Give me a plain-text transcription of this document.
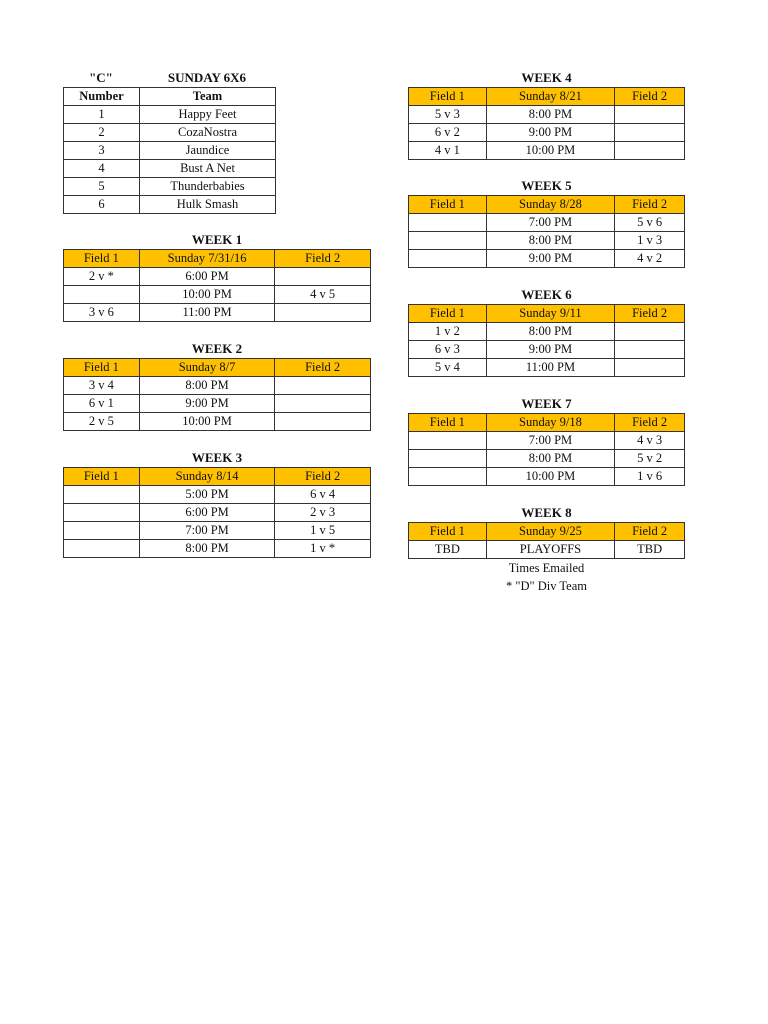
"C"	SUNDAY 6X6
Number	Team
1	Happy Feet
2	CozaNostra
3	Jaundice
4	Bust A Net
5	Thunderbabies
6	Hulk Smash
WEEK 1
Field 1	Sunday 7/31/16	Field 2
2 v *	6:00 PM	
	10:00 PM	4 v 5
3 v 6	11:00 PM	
WEEK 2
Field 1	Sunday 8/7	Field 2
3 v 4	8:00 PM	
6 v 1	9:00 PM	
2 v 5	10:00 PM	
WEEK 3
Field 1	Sunday 8/14	Field 2
	5:00 PM	6 v 4
	6:00 PM	2 v 3
	7:00 PM	1 v 5
	8:00 PM	1 v *
WEEK 4
Field 1	Sunday 8/21	Field 2
5 v 3	8:00 PM	
6 v 2	9:00 PM	
4 v 1	10:00 PM	
WEEK 5
Field 1	Sunday 8/28	Field 2
	7:00 PM	5 v 6
	8:00 PM	1 v 3
	9:00 PM	4 v 2
WEEK 6
Field 1	Sunday 9/11	Field 2
1 v 2	8:00 PM	
6 v 3	9:00 PM	
5 v 4	11:00 PM	
WEEK 7
Field 1	Sunday 9/18	Field 2
	7:00 PM	4 v 3
	8:00 PM	5 v 2
	10:00 PM	1 v 6
WEEK 8
Field 1	Sunday 9/25	Field 2
TBD	PLAYOFFS	TBD
Times Emailed
* "D" Div Team
